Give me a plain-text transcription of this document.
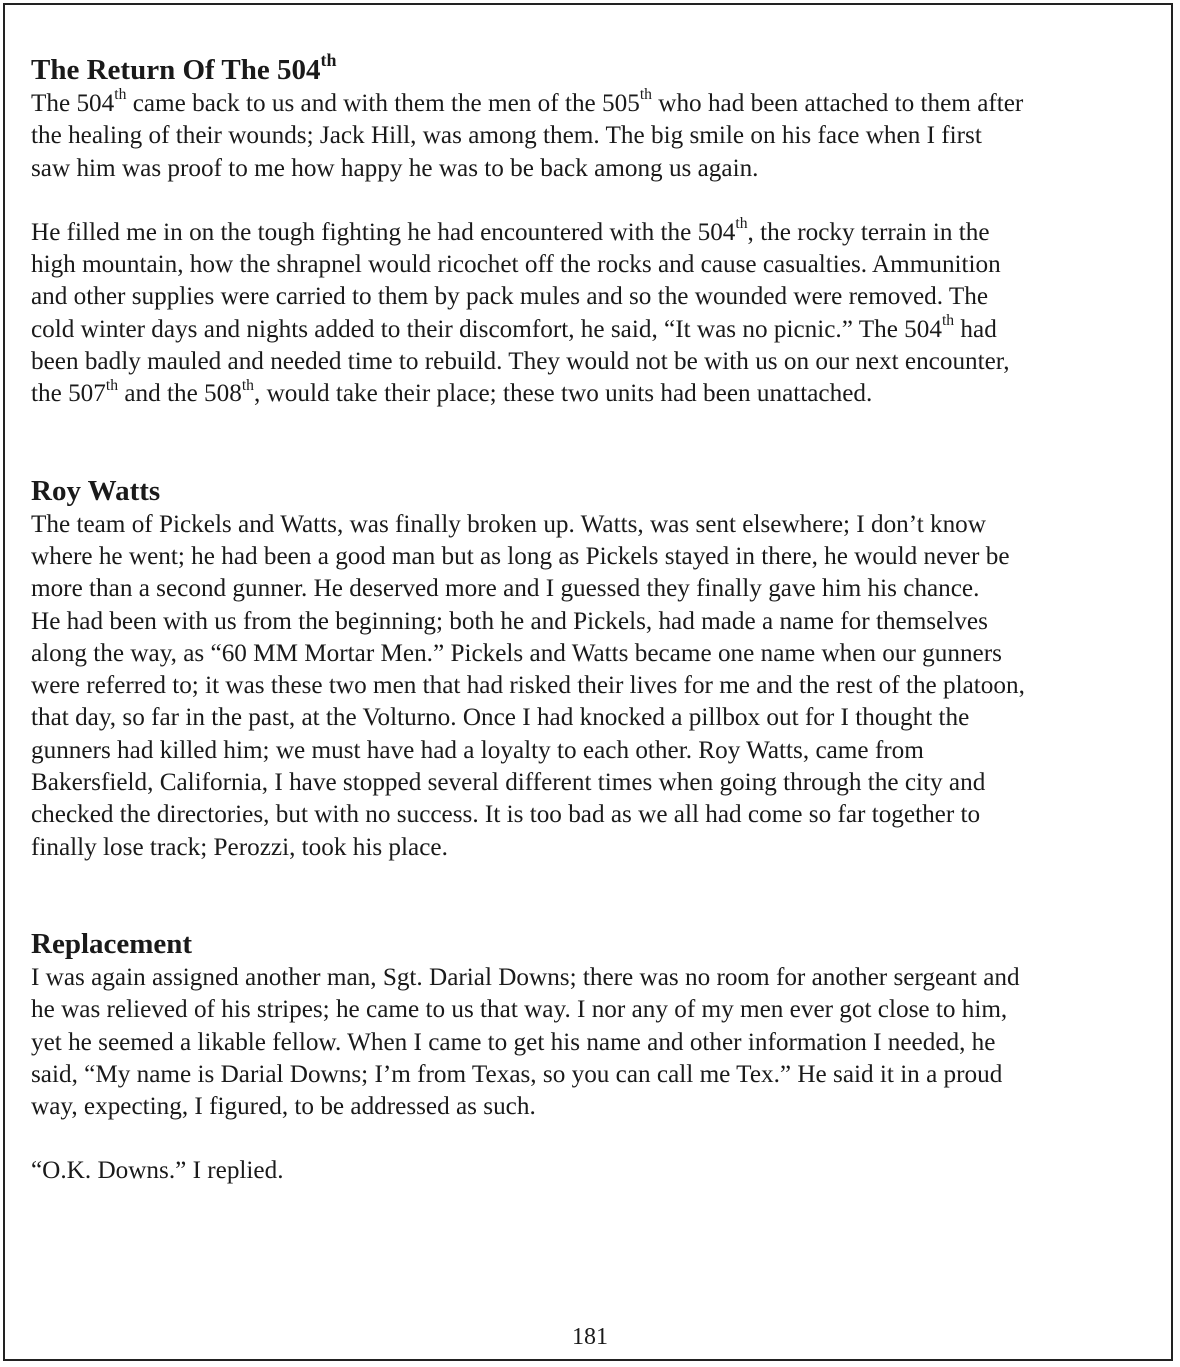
The Return Of The 504th

The 504th came back to us and with them the men of the 505th who had been attached to them after
the healing of their wounds; Jack Hill, was among them. The big smile on his face when I first
saw him was proof to me how happy he was to be back among us again.

He filled me in on the tough fighting he had encountered with the 504th, the rocky terrain in the
high mountain, how the shrapnel would ricochet off the rocks and cause casualties. Ammunition
and other supplies were carried to them by pack mules and so the wounded were removed. The
cold winter days and nights added to their discomfort, he said, “It was no picnic.” The 504th had
been badly mauled and needed time to rebuild. They would not be with us on our next encounter,
the 507th and the 508th, would take their place; these two units had been unattached.

Roy Watts

The team of Pickels and Watts, was finally broken up. Watts, was sent elsewhere; I don’t know
where he went; he had been a good man but as long as Pickels stayed in there, he would never be
more than a second gunner. He deserved more and I guessed they finally gave him his chance.
He had been with us from the beginning; both he and Pickels, had made a name for themselves
along the way, as “60 MM Mortar Men.” Pickels and Watts became one name when our gunners
were referred to; it was these two men that had risked their lives for me and the rest of the platoon,
that day, so far in the past, at the Volturno. Once I had knocked a pillbox out for I thought the
gunners had killed him; we must have had a loyalty to each other. Roy Watts, came from
Bakersfield, California, I have stopped several different times when going through the city and
checked the directories, but with no success. It is too bad as we all had come so far together to
finally lose track; Perozzi, took his place.

Replacement

I was again assigned another man, Sgt. Darial Downs; there was no room for another sergeant and
he was relieved of his stripes; he came to us that way. I nor any of my men ever got close to him,
yet he seemed a likable fellow. When I came to get his name and other information I needed, he
said, “My name is Darial Downs; I’m from Texas, so you can call me Tex.” He said it in a proud
way, expecting, I figured, to be addressed as such.

“O.K. Downs.” I replied.

181
